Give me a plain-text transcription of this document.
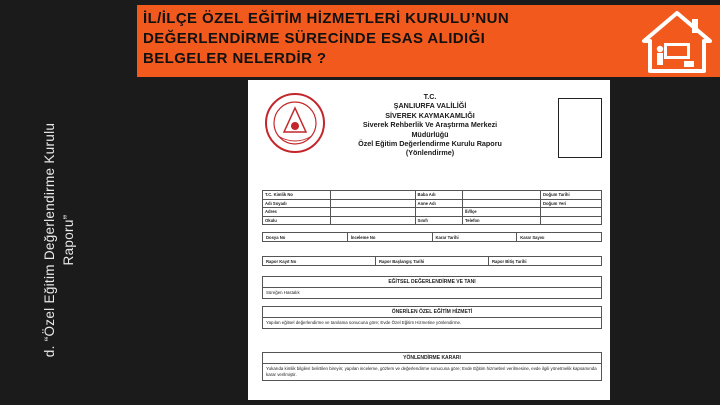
d. “Özel Eğitim Değerlendirme Kurulu Raporu”
İL/İLÇE ÖZEL EĞİTİM HİZMETLERİ KURULU’NUN
DEĞERLENDİRME SÜRECİNDE ESAS ALIDIĞI
BELGELER NELERDİR ?
T.C.
ŞANLIURFA VALİLİĞİ
SİVEREK KAYMAKAMLIĞI
Siverek Rehberlik Ve Araştırma Merkezi
Müdürlüğü
Özel Eğitim Değerlendirme Kurulu Raporu
(Yönlendirme)
T.C. Kimlik No		Baba Adı		Doğum Tarihi
Adı Soyadı		Anne Adı		Doğum Yeri
Adres			İli/İlçe	
Okulu		Sınıfı	Telefon	
Dosya No	İnceleme No	Karar Tarihi	Karar Sayısı
Rapor Kayıt No	Rapor Başlangıç Tarihi	Rapor Bitiş Tarihi
EĞİTSEL DEĞERLENDİRME VE TANI
Süreğen Hastalık
ÖNERİLEN ÖZEL EĞİTİM HİZMETİ
Yapılan eğitsel değerlendirme ve tanılama sonucuna göre; Evde Özel Eğitim Hizmetine yönlendirme.
YÖNLENDİRME KARARI
Yukarıda kimlik bilgileri belirtilen bireyin; yapılan inceleme, gözlem ve değerlendirme sonucuna göre; Evde Eğitim hizmetleri verilmesine, evde ilgili yönetmelik kapsamında karar verilmiştir.
